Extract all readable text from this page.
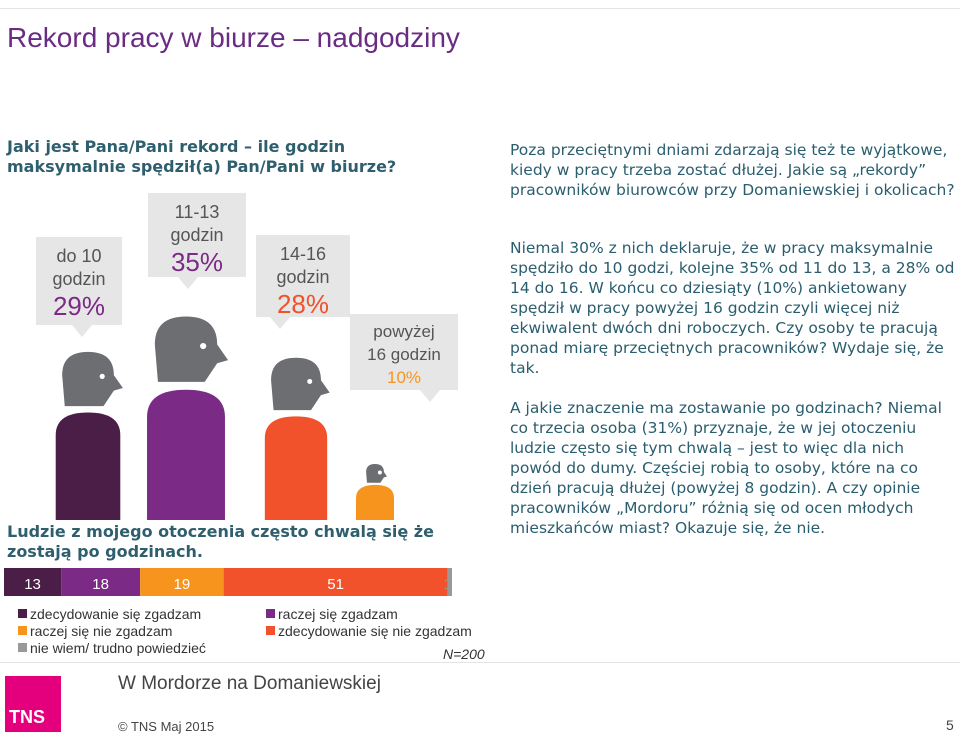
Rekord pracy w biurze – nadgodziny
Jaki jest Pana/Pani rekord – ile godzin maksymalnie spędził(a) Pan/Pani w biurze?
Poza przeciętnymi dniami zdarzają się też te wyjątkowe, kiedy w pracy trzeba zostać dłużej. Jakie są „rekordy” pracowników biurowców przy Domaniewskiej i okolicach?
Niemal 30% z nich deklaruje, że w pracy maksymalnie spędziło do 10 godzi, kolejne 35% od 11 do 13, a 28% od 14 do 16. W końcu co dziesiąty (10%) ankietowany spędził w pracy powyżej 16 godzin czyli więcej niż ekwiwalent dwóch dni roboczych. Czy osoby te pracują ponad miarę przeciętnych pracowników? Wydaje się, że tak.
A jakie znaczenie ma zostawanie po godzinach? Niemal co trzecia osoba (31%) przyznaje, że w jej otoczeniu ludzie często się tym chwalą – jest to więc dla nich powód do dumy. Częściej robią to osoby, które na co dzień pracują dłużej (powyżej 8 godzin). A czy opinie pracowników „Mordoru” różnią się od ocen młodych mieszkańców miast? Okazuje się, że nie.
do 10
godzin
29%
11-13
godzin
35%	14-16
godzin
28%
powyżej
16 godzin
10%
Ludzie z mojego otoczenia często chwalą się że zostają po godzinach.
13	18	19	51	1
zdecydowanie się zgadzam
raczej się nie zgadzam
nie wiem/ trudno powiedzieć
raczej się zgadzam
zdecydowanie się nie zgadzam
N=200
TNS
W Mordorze na Domaniewskiej
© TNS Maj 2015	5
